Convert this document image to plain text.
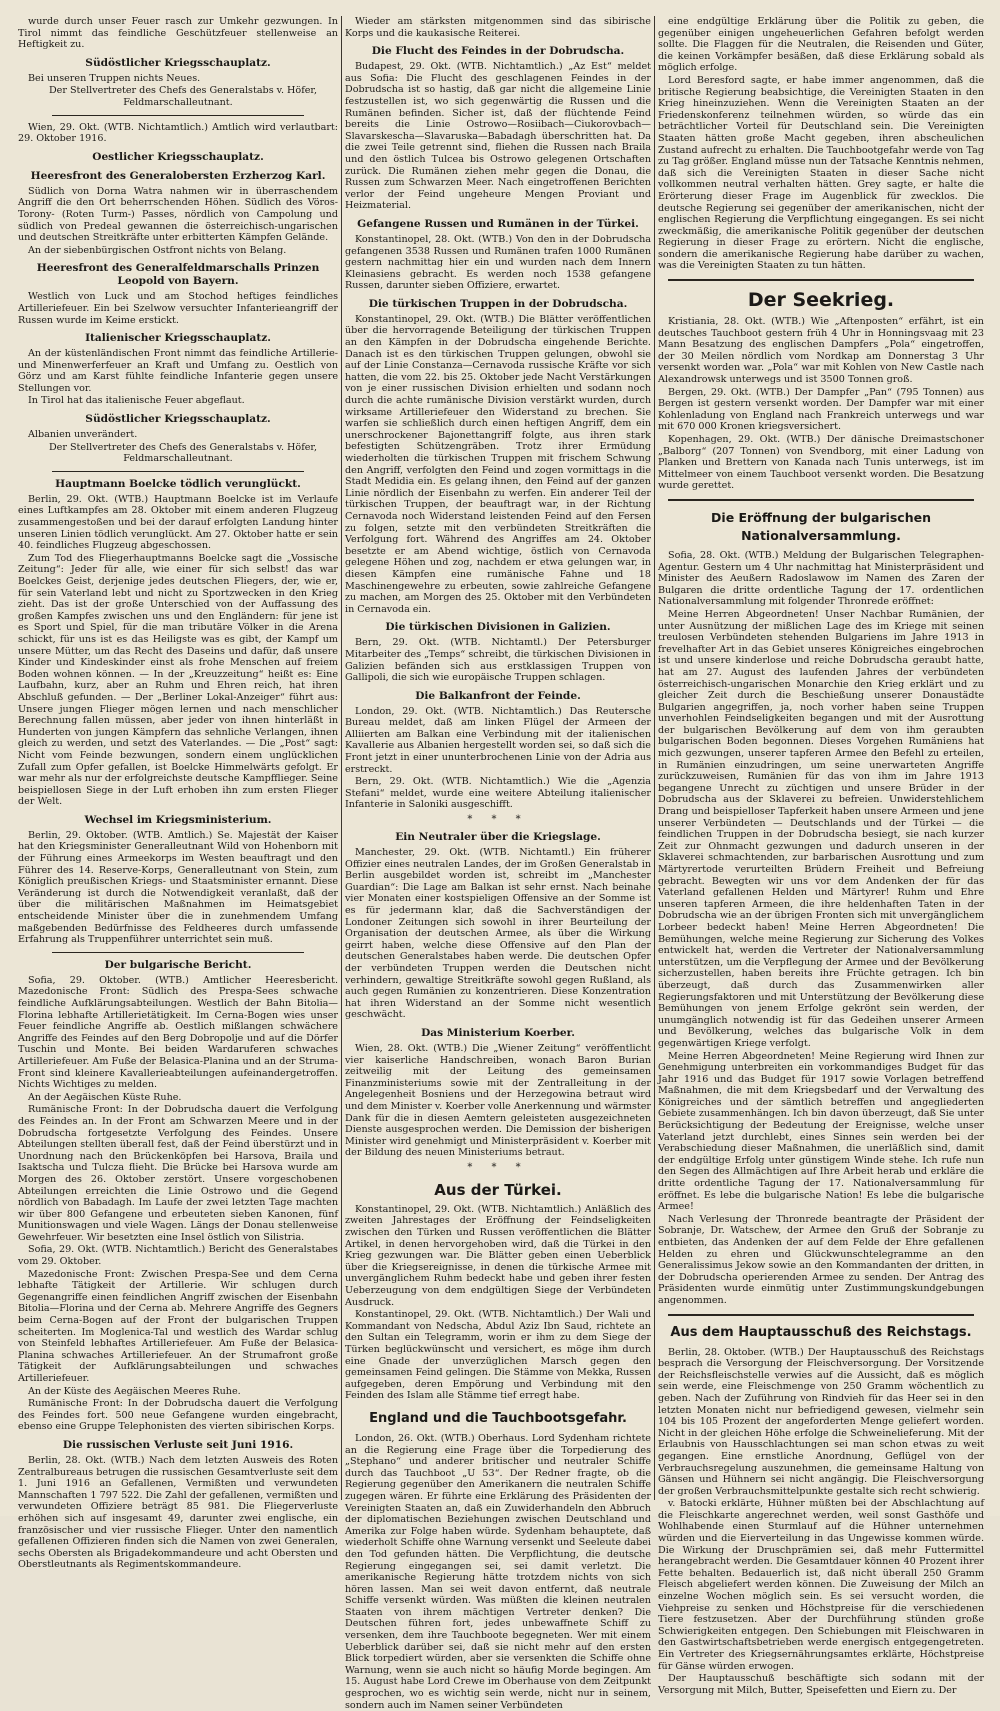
wurde durch unser Feuer rasch zur Umkehr gezwungen. In Tirol nimmt das feindliche Geschützfeuer stellenweise an Heftigkeit zu.

Südöstlicher Kriegsschauplatz.

Bei unseren Truppen nichts Neues.

Der Stellvertreter des Chefs des Generalstabs v. Höfer, Feldmarschalleutnant.

Wien, 29. Okt. (WTB. Nichtamtlich.) Amtlich wird verlautbart: 29. Oktober 1916.

Oestlicher Kriegsschauplatz.
Heeresfront des Generalobersten Erzherzog Karl.

Südlich von Dorna Watra nahmen wir in überraschendem Angriff die den Ort beherrschenden Höhen. Südlich des Vöros-Torony- (Roten Turm-) Passes, nördlich von Campolung und südlich von Predeal gewannen die österreichisch-ungarischen und deutschen Streitkräfte unter erbitterten Kämpfen Gelände.

An der siebenbürgischen Ostfront nichts von Belang.

Heeresfront des Generalfeldmarschalls Prinzen Leopold von Bayern.

Westlich von Luck und am Stochod heftiges feindliches Artilleriefeuer. Ein bei Szelwow versuchter Infanterieangriff der Russen wurde im Keime erstickt.

Italienischer Kriegsschauplatz.

An der küstenländischen Front nimmt das feindliche Artillerie- und Minenwerferfeuer an Kraft und Umfang zu. Oestlich von Görz und am Karst fühlte feindliche Infanterie gegen unsere Stellungen vor.

In Tirol hat das italienische Feuer abgeflaut.

Südöstlicher Kriegsschauplatz.

Albanien unverändert.

Der Stellvertreter des Chefs des Generalstabs v. Höfer, Feldmarschalleutnant.

Hauptmann Boelcke tödlich verunglückt.

Berlin, 29. Okt. (WTB.) Hauptmann Boelcke ist im Verlaufe eines Luftkampfes am 28. Oktober mit einem anderen Flugzeug zusammengestoßen und bei der darauf erfolgten Landung hinter unseren Linien tödlich verunglückt. Am 27. Oktober hatte er sein 40. feindliches Flugzeug abgeschossen.

Zum Tod des Fliegerhauptmanns Boelcke sagt die „Vossische Zeitung“: Jeder für alle, wie einer für sich selbst! das war Boelckes Geist, derjenige jedes deutschen Fliegers, der, wie er, für sein Vaterland lebt und nicht zu Sportzwecken in den Krieg zieht. Das ist der große Unterschied von der Auffassung des großen Kampfes zwischen uns und den Engländern: für jene ist es Sport und Spiel, für die man tributäre Völker in die Arena schickt, für uns ist es das Heiligste was es gibt, der Kampf um unsere Mütter, um das Recht des Daseins und dafür, daß unsere Kinder und Kindeskinder einst als frohe Menschen auf freiem Boden wohnen können. — In der „Kreuzzeitung“ heißt es: Eine Laufbahn, kurz, aber an Ruhm und Ehren reich, hat ihren Abschluß gefunden. — Der „Berliner Lokal-Anzeiger“ führt aus: Unsere jungen Flieger mögen lernen und nach menschlicher Berechnung fallen müssen, aber jeder von ihnen hinterläßt in Hunderten von jungen Kämpfern das sehnliche Verlangen, ihnen gleich zu werden, und setzt des Vaterlandes. — Die „Post“ sagt: Nicht vom Feinde bezwungen, sondern einem unglücklichen Zufall zum Opfer gefallen, ist Boelcke Himmelwärts gefolgt. Er war mehr als nur der erfolgreichste deutsche Kampfflieger. Seine beispiellosen Siege in der Luft erhoben ihn zum ersten Flieger der Welt.

Wechsel im Kriegsministerium.

Berlin, 29. Oktober. (WTB. Amtlich.) Se. Majestät der Kaiser hat den Kriegsminister Generalleutnant Wild von Hohenborn mit der Führung eines Armeekorps im Westen beauftragt und den Führer des 14. Reserve-Korps, Generalleutnant von Stein, zum Königlich preußischen Kriegs- und Staatsminister ernannt. Diese Veränderung ist durch die Notwendigkeit veranlaßt, daß der über die militärischen Maßnahmen im Heimatsgebiet entscheidende Minister über die in zunehmendem Umfang maßgebenden Bedürfnisse des Feldheeres durch umfassende Erfahrung als Truppenführer unterrichtet sein muß.

Der bulgarische Bericht.

Sofia, 29. Oktober. (WTB.) Amtlicher Heeresbericht. Mazedonische Front: Südlich des Prespa-Sees schwache feindliche Aufklärungsabteilungen. Westlich der Bahn Bitolia—Florina lebhafte Artillerietätigkeit. Im Cerna-Bogen wies unser Feuer feindliche Angriffe ab. Oestlich mißlangen schwächere Angriffe des Feindes auf den Berg Dobropolje und auf die Dörfer Tuschin und Monte. Bei beiden Wardaruferen schwaches Artilleriefeuer. Am Fuße der Belasica-Planina und an der Struma-Front sind kleinere Kavallerieabteilungen aufeinandergetroffen. Nichts Wichtiges zu melden.

An der Aegäischen Küste Ruhe.

Rumänische Front: In der Dobrudscha dauert die Verfolgung des Feindes an. In der Front am Schwarzen Meere und in der Dobrudscha fortgesetzte Verfolgung des Feindes. Unsere Abteilungen stellten überall fest, daß der Feind überstürzt und in Unordnung nach den Brückenköpfen bei Harsova, Braila und Isaktscha und Tulcza flieht. Die Brücke bei Harsova wurde am Morgen des 26. Oktober zerstört. Unsere vorgeschobenen Abteilungen erreichten die Linie Ostrowo und die Gegend nördlich von Babadagh. Im Laufe der zwei letzten Tage machten wir über 800 Gefangene und erbeuteten sieben Kanonen, fünf Munitionswagen und viele Wagen. Längs der Donau stellenweise Gewehrfeuer. Wir besetzten eine Insel östlich von Silistria.

Sofia, 29. Okt. (WTB. Nichtamtlich.) Bericht des Generalstabes vom 29. Oktober.

Mazedonische Front: Zwischen Prespa-See und dem Cerna lebhafte Tätigkeit der Artillerie. Wir schlugen durch Gegenangriffe einen feindlichen Angriff zwischen der Eisenbahn Bitolia—Florina und der Cerna ab. Mehrere Angriffe des Gegners beim Cerna-Bogen auf der Front der bulgarischen Truppen scheiterten. Im Moglenica-Tal und westlich des Wardar schlug von Steinfeld lebhaftes Artilleriefeuer. Am Fuße der Belasica-Planina schwaches Artilleriefeuer. An der Strumafront große Tätigkeit der Aufklärungsabteilungen und schwaches Artilleriefeuer.

An der Küste des Aegäischen Meeres Ruhe.

Rumänische Front: In der Dobrudscha dauert die Verfolgung des Feindes fort. 500 neue Gefangene wurden eingebracht, ebenso eine Gruppe Telephonisten des vierten sibirischen Korps.

Die russischen Verluste seit Juni 1916.

Berlin, 28. Okt. (WTB.) Nach dem letzten Ausweis des Roten Zentralbureaus betrugen die russischen Gesamtverluste seit dem 1. Juni 1916 an Gefallenen, Vermißten und verwundeten Mannschaften 1 797 522. Die Zahl der gefallenen, vermißten und verwundeten Offiziere beträgt 85 981. Die Fliegerverluste erhöhen sich auf insgesamt 49, darunter zwei englische, ein französischer und vier russische Flieger. Unter den namentlich gefallenen Offizieren finden sich die Namen von zwei Generalen, sechs Obersten als Brigadekommandeure und acht Obersten und Oberstleutnants als Regimentskommandeure.

Wieder am stärksten mitgenommen sind das sibirische Korps und die kaukasische Reiterei.

Die Flucht des Feindes in der Dobrudscha.

Budapest, 29. Okt. (WTB. Nichtamtlich.) „Az Est“ meldet aus Sofia: Die Flucht des geschlagenen Feindes in der Dobrudscha ist so hastig, daß gar nicht die allgemeine Linie festzustellen ist, wo sich gegenwärtig die Russen und die Rumänen befinden. Sicher ist, daß der flüchtende Feind bereits die Linie Ostrowo—Rosiibach—Ciukorovbach—Slavarskescha—Slavaruska—Babadagh überschritten hat. Da die zwei Teile getrennt sind, fliehen die Russen nach Braila und den östlich Tulcea bis Ostrowo gelegenen Ortschaften zurück. Die Rumänen ziehen mehr gegen die Donau, die Russen zum Schwarzen Meer. Nach eingetroffenen Berichten verlor der Feind ungeheure Mengen Proviant und Heizmaterial.

Gefangene Russen und Rumänen in der Türkei.

Konstantinopel, 28. Okt. (WTB.) Von den in der Dobrudscha gefangenen 3538 Russen und Rumänen trafen 1000 Rumänen gestern nachmittag hier ein und wurden nach dem Innern Kleinasiens gebracht. Es werden noch 1538 gefangene Russen, darunter sieben Offiziere, erwartet.

Die türkischen Truppen in der Dobrudscha.

Konstantinopel, 29. Okt. (WTB.) Die Blätter veröffentlichen über die hervorragende Beteiligung der türkischen Truppen an den Kämpfen in der Dobrudscha eingehende Berichte. Danach ist es den türkischen Truppen gelungen, obwohl sie auf der Linie Constanza—Cernavoda russische Kräfte vor sich hatten, die vom 22. bis 25. Oktober jede Nacht Verstärkungen von je einer russischen Division erhielten und sodann noch durch die achte rumänische Division verstärkt wurden, durch wirksame Artilleriefeuer den Widerstand zu brechen. Sie warfen sie schließlich durch einen heftigen Angriff, dem ein unerschrockener Bajonettangriff folgte, aus ihren stark befestigten Schützengräben. Trotz ihrer Ermüdung wiederholten die türkischen Truppen mit frischem Schwung den Angriff, verfolgten den Feind und zogen vormittags in die Stadt Medidia ein. Es gelang ihnen, den Feind auf der ganzen Linie nördlich der Eisenbahn zu werfen. Ein anderer Teil der türkischen Truppen, der beauftragt war, in der Richtung Cernavoda noch Widerstand leistenden Feind auf den Fersen zu folgen, setzte mit den verbündeten Streitkräften die Verfolgung fort. Während des Angriffes am 24. Oktober besetzte er am Abend wichtige, östlich von Cernavoda gelegene Höhen und zog, nachdem er etwa gelungen war, in diesen Kämpfen eine rumänische Fahne und 18 Maschinengewehre zu erbeuten, sowie zahlreiche Gefangene zu machen, am Morgen des 25. Oktober mit den Verbündeten in Cernavoda ein.

Die türkischen Divisionen in Galizien.

Bern, 29. Okt. (WTB. Nichtamtl.) Der Petersburger Mitarbeiter des „Temps“ schreibt, die türkischen Divisionen in Galizien befänden sich aus erstklassigen Truppen von Gallipoli, die sich wie europäische Truppen schlagen.

Die Balkanfront der Feinde.

London, 29. Okt. (WTB. Nichtamtlich.) Das Reutersche Bureau meldet, daß am linken Flügel der Armeen der Alliierten am Balkan eine Verbindung mit der italienischen Kavallerie aus Albanien hergestellt worden sei, so daß sich die Front jetzt in einer ununterbrochenen Linie von der Adria aus erstreckt.

Bern, 29. Okt. (WTB. Nichtamtlich.) Wie die „Agenzia Stefani“ meldet, wurde eine weitere Abteilung italienischer Infanterie in Saloniki ausgeschifft.

* * *
Ein Neutraler über die Kriegslage.

Manchester, 29. Okt. (WTB. Nichtamtl.) Ein früherer Offizier eines neutralen Landes, der im Großen Generalstab in Berlin ausgebildet worden ist, schreibt im „Manchester Guardian“: Die Lage am Balkan ist sehr ernst. Nach beinahe vier Monaten einer kostspieligen Offensive an der Somme ist es für jedermann klar, daß die Sachverständigen der Londoner Zeitungen sich sowohl in ihrer Beurteilung der Organisation der deutschen Armee, als über die Wirkung geirrt haben, welche diese Offensive auf den Plan der deutschen Generalstabes haben werde. Die deutschen Opfer der verbündeten Truppen werden die Deutschen nicht verhindern, gewaltige Streitkräfte sowohl gegen Rußland, als auch gegen Rumänien zu konzentrieren. Diese Konzentration hat ihren Widerstand an der Somme nicht wesentlich geschwächt.

Das Ministerium Koerber.

Wien, 28. Okt. (WTB.) Die „Wiener Zeitung“ veröffentlicht vier kaiserliche Handschreiben, wonach Baron Burian zeitweilig mit der Leitung des gemeinsamen Finanzministeriums sowie mit der Zentralleitung in der Angelegenheit Bosniens und der Herzegowina betraut wird und dem Minister v. Koerber volle Anerkennung und wärmster Dank für die in diesen Aemtern geleisteten ausgezeichneten Dienste ausgesprochen werden. Die Demission der bisherigen Minister wird genehmigt und Ministerpräsident v. Koerber mit der Bildung des neuen Ministeriums betraut.

* * *
Aus der Türkei.

Konstantinopel, 29. Okt. (WTB. Nichtamtlich.) Anläßlich des zweiten Jahrestages der Eröffnung der Feindseligkeiten zwischen den Türken und Russen veröffentlichen die Blätter Artikel, in denen hervorgehoben wird, daß die Türkei in den Krieg gezwungen war. Die Blätter geben einen Ueberblick über die Kriegsereignisse, in denen die türkische Armee mit unvergänglichem Ruhm bedeckt habe und geben ihrer festen Ueberzeugung von dem endgültigen Siege der Verbündeten Ausdruck.

Konstantinopel, 29. Okt. (WTB. Nichtamtlich.) Der Wali und Kommandant von Nedscha, Abdul Aziz Ibn Saud, richtete an den Sultan ein Telegramm, worin er ihm zu dem Siege der Türken beglückwünscht und versichert, es möge ihm durch eine Gnade der unverzüglichen Marsch gegen den gemeinsamen Feind gelingen. Die Stämme von Mekka, Russen aufgegeben, deren Empörung und Verbindung mit den Feinden des Islam alle Stämme tief erregt habe.

England und die Tauchbootsgefahr.

London, 26. Okt. (WTB.) Oberhaus. Lord Sydenham richtete an die Regierung eine Frage über die Torpedierung des „Stephano“ und anderer britischer und neutraler Schiffe durch das Tauchboot „U 53“. Der Redner fragte, ob die Regierung gegenüber den Amerikanern die neutralen Schiffe zugegen wären. Er führte eine Erklärung des Präsidenten der Vereinigten Staaten an, daß ein Zuwiderhandeln den Abbruch der diplomatischen Beziehungen zwischen Deutschland und Amerika zur Folge haben würde. Sydenham behauptete, daß wiederholt Schiffe ohne Warnung versenkt und Seeleute dabei den Tod gefunden hätten. Die Verpflichtung, die deutsche Regierung eingegangen sei, sei damit verletzt. Die amerikanische Regierung hätte trotzdem nichts von sich hören lassen. Man sei weit davon entfernt, daß neutrale Schiffe versenkt würden. Was müßten die kleinen neutralen Staaten von ihrem mächtigen Vertreter denken? Die Deutschen führen fort, jedes unbewaffnete Schiff zu versenken, dem ihre Tauchboote begegneten. Wer mit einem Ueberblick darüber sei, daß sie nicht mehr auf den ersten Blick torpediert würden, aber sie versenkten die Schiffe ohne Warnung, wenn sie auch nicht so häufig Morde begingen. Am 15. August habe Lord Crewe im Oberhause von dem Zeitpunkt gesprochen, wo es wichtig sein werde, nicht nur in seinem, sondern auch im Namen seiner Verbündeten

eine endgültige Erklärung über die Politik zu geben, die gegenüber einigen ungeheuerlichen Gefahren befolgt werden sollte. Die Flaggen für die Neutralen, die Reisenden und Güter, die keinen Vorkämpfer besäßen, daß diese Erklärung sobald als möglich erfolge.

Lord Beresford sagte, er habe immer angenommen, daß die britische Regierung beabsichtige, die Vereinigten Staaten in den Krieg hineinzuziehen. Wenn die Vereinigten Staaten an der Friedenskonferenz teilnehmen würden, so würde das ein beträchtlicher Vorteil für Deutschland sein. Die Vereinigten Staaten hätten große Macht gegeben, ihren abscheulichen Zustand aufrecht zu erhalten. Die Tauchbootgefahr werde von Tag zu Tag größer. England müsse nun der Tatsache Kenntnis nehmen, daß sich die Vereinigten Staaten in dieser Sache nicht vollkommen neutral verhalten hätten. Grey sagte, er halte die Erörterung dieser Frage im Augenblick für zwecklos. Die deutsche Regierung sei gegenüber der amerikanischen, nicht der englischen Regierung die Verpflichtung eingegangen. Es sei nicht zweckmäßig, die amerikanische Politik gegenüber der deutschen Regierung in dieser Frage zu erörtern. Nicht die englische, sondern die amerikanische Regierung habe darüber zu wachen, was die Vereinigten Staaten zu tun hätten.

Der Seekrieg.

Kristiania, 28. Okt. (WTB.) Wie „Aftenposten“ erfährt, ist ein deutsches Tauchboot gestern früh 4 Uhr in Honningsvaag mit 23 Mann Besatzung des englischen Dampfers „Pola“ eingetroffen, der 30 Meilen nördlich vom Nordkap am Donnerstag 3 Uhr versenkt worden war. „Pola“ war mit Kohlen von New Castle nach Alexandrowsk unterwegs und ist 3500 Tonnen groß.

Bergen, 29. Okt. (WTB.) Der Dampfer „Pan“ (795 Tonnen) aus Bergen ist gestern versenkt worden. Der Dampfer war mit einer Kohlenladung von England nach Frankreich unterwegs und war mit 670 000 Kronen kriegsversichert.

Kopenhagen, 29. Okt. (WTB.) Der dänische Dreimastschoner „Balborg“ (207 Tonnen) von Svendborg, mit einer Ladung von Planken und Brettern von Kanada nach Tunis unterwegs, ist im Mittelmeer von einem Tauchboot versenkt worden. Die Besatzung wurde gerettet.

Die Eröffnung der bulgarischen Nationalversammlung.

Sofia, 28. Okt. (WTB.) Meldung der Bulgarischen Telegraphen-Agentur. Gestern um 4 Uhr nachmittag hat Ministerpräsident und Minister des Aeußern Radoslawow im Namen des Zaren der Bulgaren die dritte ordentliche Tagung der 17. ordentlichen Nationalversammlung mit folgender Thronrede eröffnet:

Meine Herren Abgeordneten! Unser Nachbar Rumänien, der unter Ausnützung der mißlichen Lage des im Kriege mit seinen treulosen Verbündeten stehenden Bulgariens im Jahre 1913 in frevelhafter Art in das Gebiet unseres Königreiches eingebrochen ist und unsere kinderlose und reiche Dobrudscha geraubt hatte, hat am 27. August des laufenden Jahres der verbündeten österreichisch-ungarischen Monarchie den Krieg erklärt und zu gleicher Zeit durch die Beschießung unserer Donaustädte Bulgarien angegriffen, ja, noch vorher haben seine Truppen unverhohlen Feindseligkeiten begangen und mit der Ausrottung der bulgarischen Bevölkerung auf dem von ihm geraubten bulgarischen Boden begonnen. Dieses Vorgehen Rumäniens hat mich gezwungen, unserer tapferen Armee den Befehl zu erteilen, in Rumänien einzudringen, um seine unerwarteten Angriffe zurückzuweisen, Rumänien für das von ihm im Jahre 1913 begangene Unrecht zu züchtigen und unsere Brüder in der Dobrudscha aus der Sklaverei zu befreien. Unwiderstehlichem Drang und beispielloser Tapferkeit haben unsere Armeen und jene unserer Verbündeten — Deutschlands und der Türkei — die feindlichen Truppen in der Dobrudscha besiegt, sie nach kurzer Zeit zur Ohnmacht gezwungen und dadurch unseren in der Sklaverei schmachtenden, zur barbarischen Ausrottung und zum Märtyrertode verurteilten Brüdern Freiheit und Befreiung gebracht. Bewegten wir uns vor dem Andenken der für das Vaterland gefallenen Helden und Märtyrer! Ruhm und Ehre unseren tapferen Armeen, die ihre heldenhaften Taten in der Dobrudscha wie an der übrigen Fronten sich mit unvergänglichem Lorbeer bedeckt haben! Meine Herren Abgeordneten! Die Bemühungen, welche meine Regierung zur Sicherung des Volkes entwickelt hat, werden die Vertreter der Nationalversammlung unterstützen, um die Verpflegung der Armee und der Bevölkerung sicherzustellen, haben bereits ihre Früchte getragen. Ich bin überzeugt, daß durch das Zusammenwirken aller Regierungsfaktoren und mit Unterstützung der Bevölkerung diese Bemühungen von jenem Erfolge gekrönt sein werden, der unumgänglich notwendig ist für das Gedeihen unserer Armeen und Bevölkerung, welches das bulgarische Volk in dem gegenwärtigen Kriege verfolgt.

Meine Herren Abgeordneten! Meine Regierung wird Ihnen zur Genehmigung unterbreiten ein vorkommandiges Budget für das Jahr 1916 und das Budget für 1917 sowie Vorlagen betreffend Maßnahmen, die mit dem Kriegsbedarf und der Verwaltung des Königreiches und der sämtlich betreffen und angegliederten Gebiete zusammenhängen. Ich bin davon überzeugt, daß Sie unter Berücksichtigung der Bedeutung der Ereignisse, welche unser Vaterland jetzt durchlebt, eines Sinnes sein werden bei der Verabschiedung dieser Maßnahmen, die unerläßlich sind, damit der endgültige Erfolg unter günstigem Winde stehe. Ich rufe nun den Segen des Allmächtigen auf Ihre Arbeit herab und erkläre die dritte ordentliche Tagung der 17. Nationalversammlung für eröffnet. Es lebe die bulgarische Nation! Es lebe die bulgarische Armee!

Nach Verlesung der Thronrede beantragte der Präsident der Sobranje, Dr. Watschew, der Armee den Gruß der Sobranje zu entbieten, das Andenken der auf dem Felde der Ehre gefallenen Helden zu ehren und Glückwunschtelegramme an den Generalissimus Jekow sowie an den Kommandanten der dritten, in der Dobrudscha operierenden Armee zu senden. Der Antrag des Präsidenten wurde einmütig unter Zustimmungskundgebungen angenommen.

Aus dem Hauptausschuß des Reichstags.

Berlin, 28. Oktober. (WTB.) Der Hauptausschuß des Reichstags besprach die Versorgung der Fleischversorgung. Der Vorsitzende der Reichsfleischstelle verwies auf die Aussicht, daß es möglich sein werde, eine Fleischmenge von 250 Gramm wöchentlich zu geben. Nach der Zuführung von Rindvieh für das Heer sei in den letzten Monaten nicht nur befriedigend gewesen, vielmehr sein 104 bis 105 Prozent der angeforderten Menge geliefert worden. Nicht in der gleichen Höhe erfolge die Schweinelieferung. Mit der Erlaubnis von Hausschlachtungen sei man schon etwas zu weit gegangen. Eine ernstliche Anordnung, Geflügel von der Verbrauchsregelung auszunehmen, die gemeinsame Haltung von Gänsen und Hühnern sei nicht angängig. Die Fleischversorgung der großen Verbrauchsmittelpunkte gestalte sich recht schwierig.

v. Batocki erklärte, Hühner müßten bei der Abschlachtung auf die Fleischkarte angerechnet werden, weil sonst Gasthöfe und Wohlhabende einen Sturmlauf auf die Hühner unternehmen würden und die Eierverteilung in das Ungewisse kommen würde. Die Wirkung der Druschprämien sei, daß mehr Futtermittel herangebracht werden. Die Gesamtdauer können 40 Prozent ihrer Fette behalten. Bedauerlich ist, daß nicht überall 250 Gramm Fleisch abgeliefert werden können. Die Zuweisung der Milch an einzelne Wochen möglich sein. Es sei versucht worden, die Viehpreise zu senken und Höchstpreise für die verschiedenen Tiere festzusetzen. Aber der Durchführung stünden große Schwierigkeiten entgegen. Den Schiebungen mit Fleischwaren in den Gastwirtschaftsbetrieben werde energisch entgegengetreten. Ein Vertreter des Kriegsernährungsamtes erklärte, Höchstpreise für Gänse würden erwogen.

Der Hauptausschuß beschäftigte sich sodann mit der Versorgung mit Milch, Butter, Speisefetten und Eiern zu. Der
